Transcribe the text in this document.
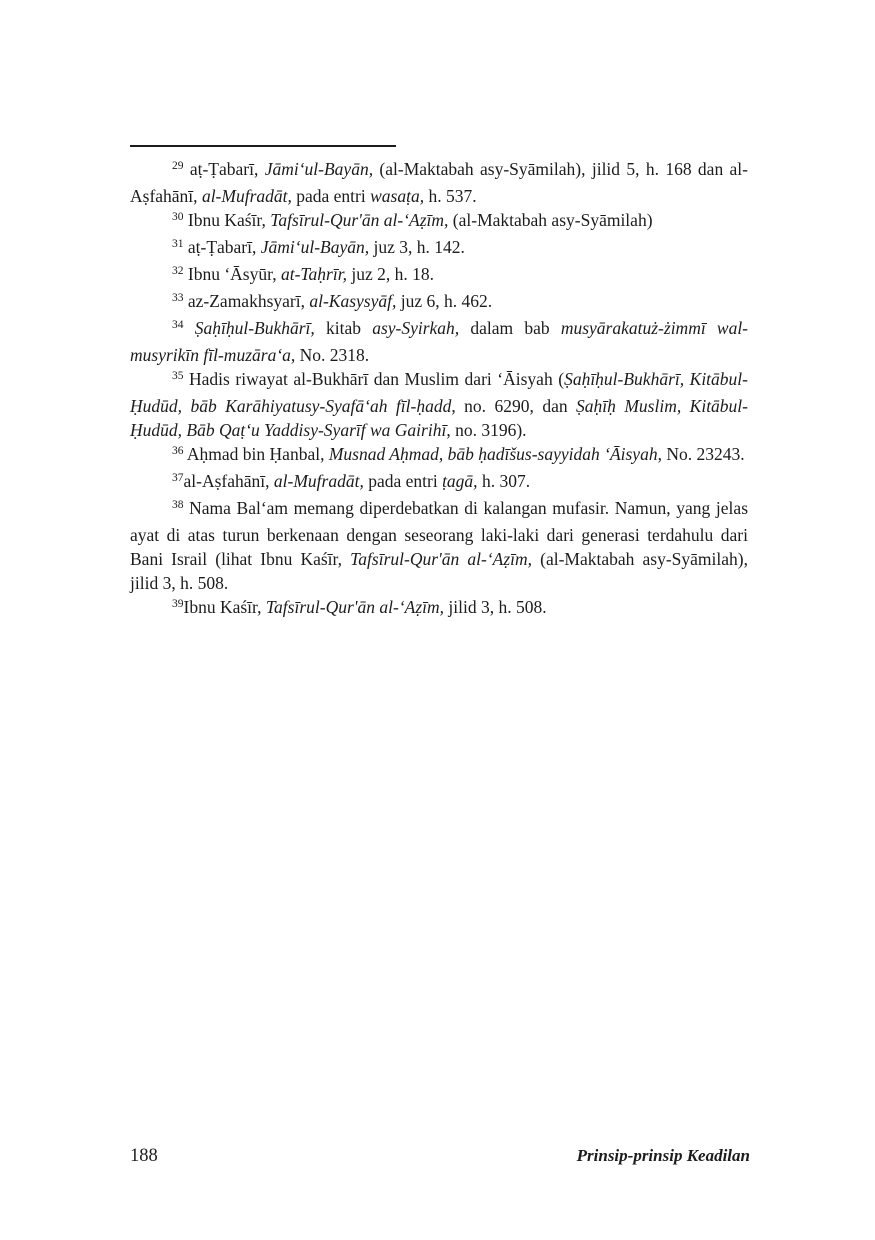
$^{29}$ aṭ-Ṭabarī, Jāmi‘ul-Bayān, (al-Maktabah asy-Syāmilah), jilid 5, h. 168 dan al-Aṣfahānī, al-Mufradāt, pada entri wasaṭa, h. 537.

$^{30}$ Ibnu Kaśīr, Tafsīrul-Qur'ān al-‘Aẓīm, (al-Maktabah asy-Syāmilah)

$^{31}$ aṭ-Ṭabarī, Jāmi‘ul-Bayān, juz 3, h. 142.

$^{32}$ Ibnu ‘Āsyūr, at-Taḥrīr, juz 2, h. 18.

$^{33}$ az-Zamakhsyarī, al-Kasysyāf, juz 6, h. 462.

$^{34}$ Ṣaḥīḥul-Bukhārī, kitab asy-Syirkah, dalam bab musyārakatuż-żimmī wal-musyrikīn fīl-muzāra‘a, No. 2318.

$^{35}$ Hadis riwayat al-Bukhārī dan Muslim dari ‘Āisyah (Ṣaḥīḥul-Bukhārī, Kitābul-Ḥudūd, bāb Karāhiyatusy-Syafā‘ah fīl-ḥadd, no. 6290, dan Ṣaḥīḥ Muslim, Kitābul-Ḥudūd, Bāb Qaṭ‘u Yaddisy-Syarīf wa Gairihī, no. 3196).

$^{36}$ Aḥmad bin Ḥanbal, Musnad Aḥmad, bāb ḥadīšus-sayyidah ‘Āisyah, No. 23243.

$^{37}$al-Aṣfahānī, al-Mufradāt, pada entri ṭagā, h. 307.

$^{38}$ Nama Bal‘am memang diperdebatkan di kalangan mufasir. Namun, yang jelas ayat di atas turun berkenaan dengan seseorang laki-laki dari generasi terdahulu dari Bani Israil (lihat Ibnu Kaśīr, Tafsīrul-Qur'ān al-‘Aẓīm, (al-Maktabah asy-Syāmilah), jilid 3, h. 508.

$^{39}$Ibnu Kaśīr, Tafsīrul-Qur'ān al-‘Aẓīm, jilid 3, h. 508.

188	Prinsip-prinsip Keadilan
